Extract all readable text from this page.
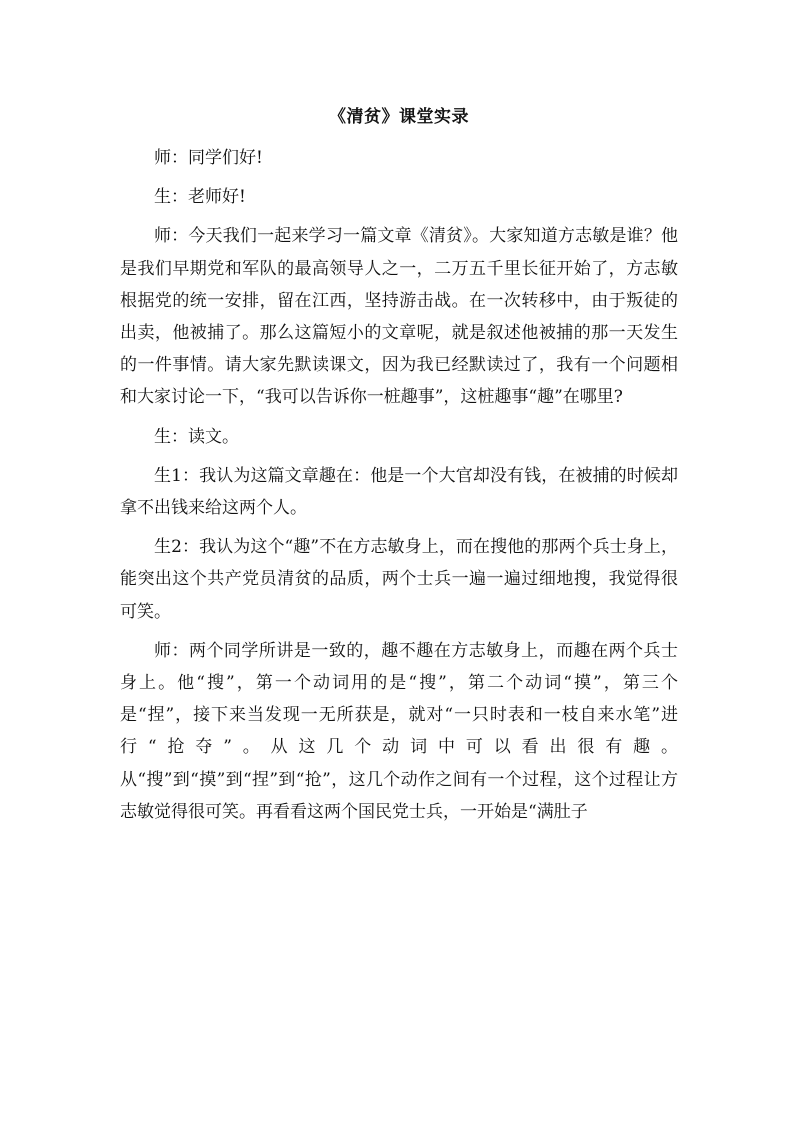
《清贫》课堂实录

师：同学们好!

生：老师好!

师：今天我们一起来学习一篇文章《清贫》。大家知道方志敏是谁？他是我们早期党和军队的最高领导人之一，二万五千里长征开始了，方志敏根据党的统一安排，留在江西，坚持游击战。在一次转移中，由于叛徒的出卖，他被捕了。那么这篇短小的文章呢，就是叙述他被捕的那一天发生的一件事情。请大家先默读课文，因为我已经默读过了，我有一个问题相和大家讨论一下，“我可以告诉你一桩趣事”，这桩趣事“趣”在哪里?

生：读文。

生1：我认为这篇文章趣在：他是一个大官却没有钱，在被捕的时候却拿不出钱来给这两个人。

生2：我认为这个“趣”不在方志敏身上，而在搜他的那两个兵士身上，能突出这个共产党员清贫的品质，两个士兵一遍一遍过细地搜，我觉得很可笑。

师：两个同学所讲是一致的，趣不趣在方志敏身上，而趣在两个兵士身上。他“搜”，第一个动词用的是“搜”，第二个动词“摸”，第三个是“捏”，接下来当发现一无所获是，就对“一只时表和一枝自来水笔”进行“抢夺”。从这几个动词中可以看出很有趣。从“搜”到“摸”到“捏”到“抢”，这几个动作之间有一个过程，这个过程让方志敏觉得很可笑。再看看这两个国民党士兵，一开始是“满肚子
